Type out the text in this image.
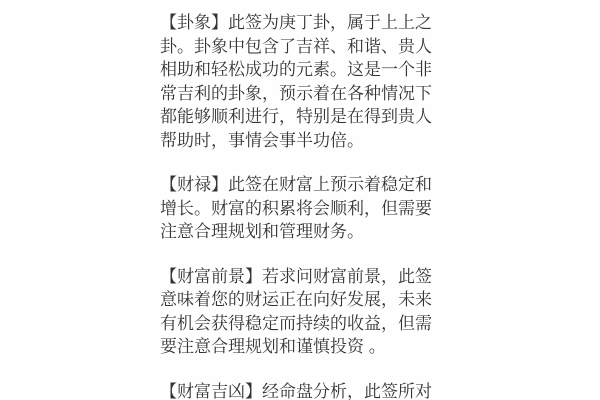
【卦象】此签为庚丁卦，属于上上之
卦。卦象中包含了吉祥、和谐、贵人
相助和轻松成功的元素。这是一个非
常吉利的卦象，预示着在各种情况下
都能够顺利进行，特别是在得到贵人
帮助时，事情会事半功倍。
【财禄】此签在财富上预示着稳定和
增长。财富的积累将会顺利，但需要
注意合理规划和管理财务。
【财富前景】若求问财富前景，此签
意味着您的财运正在向好发展，未来
有机会获得稳定而持续的收益，但需
要注意合理规划和谨慎投资 。
【财富吉凶】经命盘分析，此签所对
